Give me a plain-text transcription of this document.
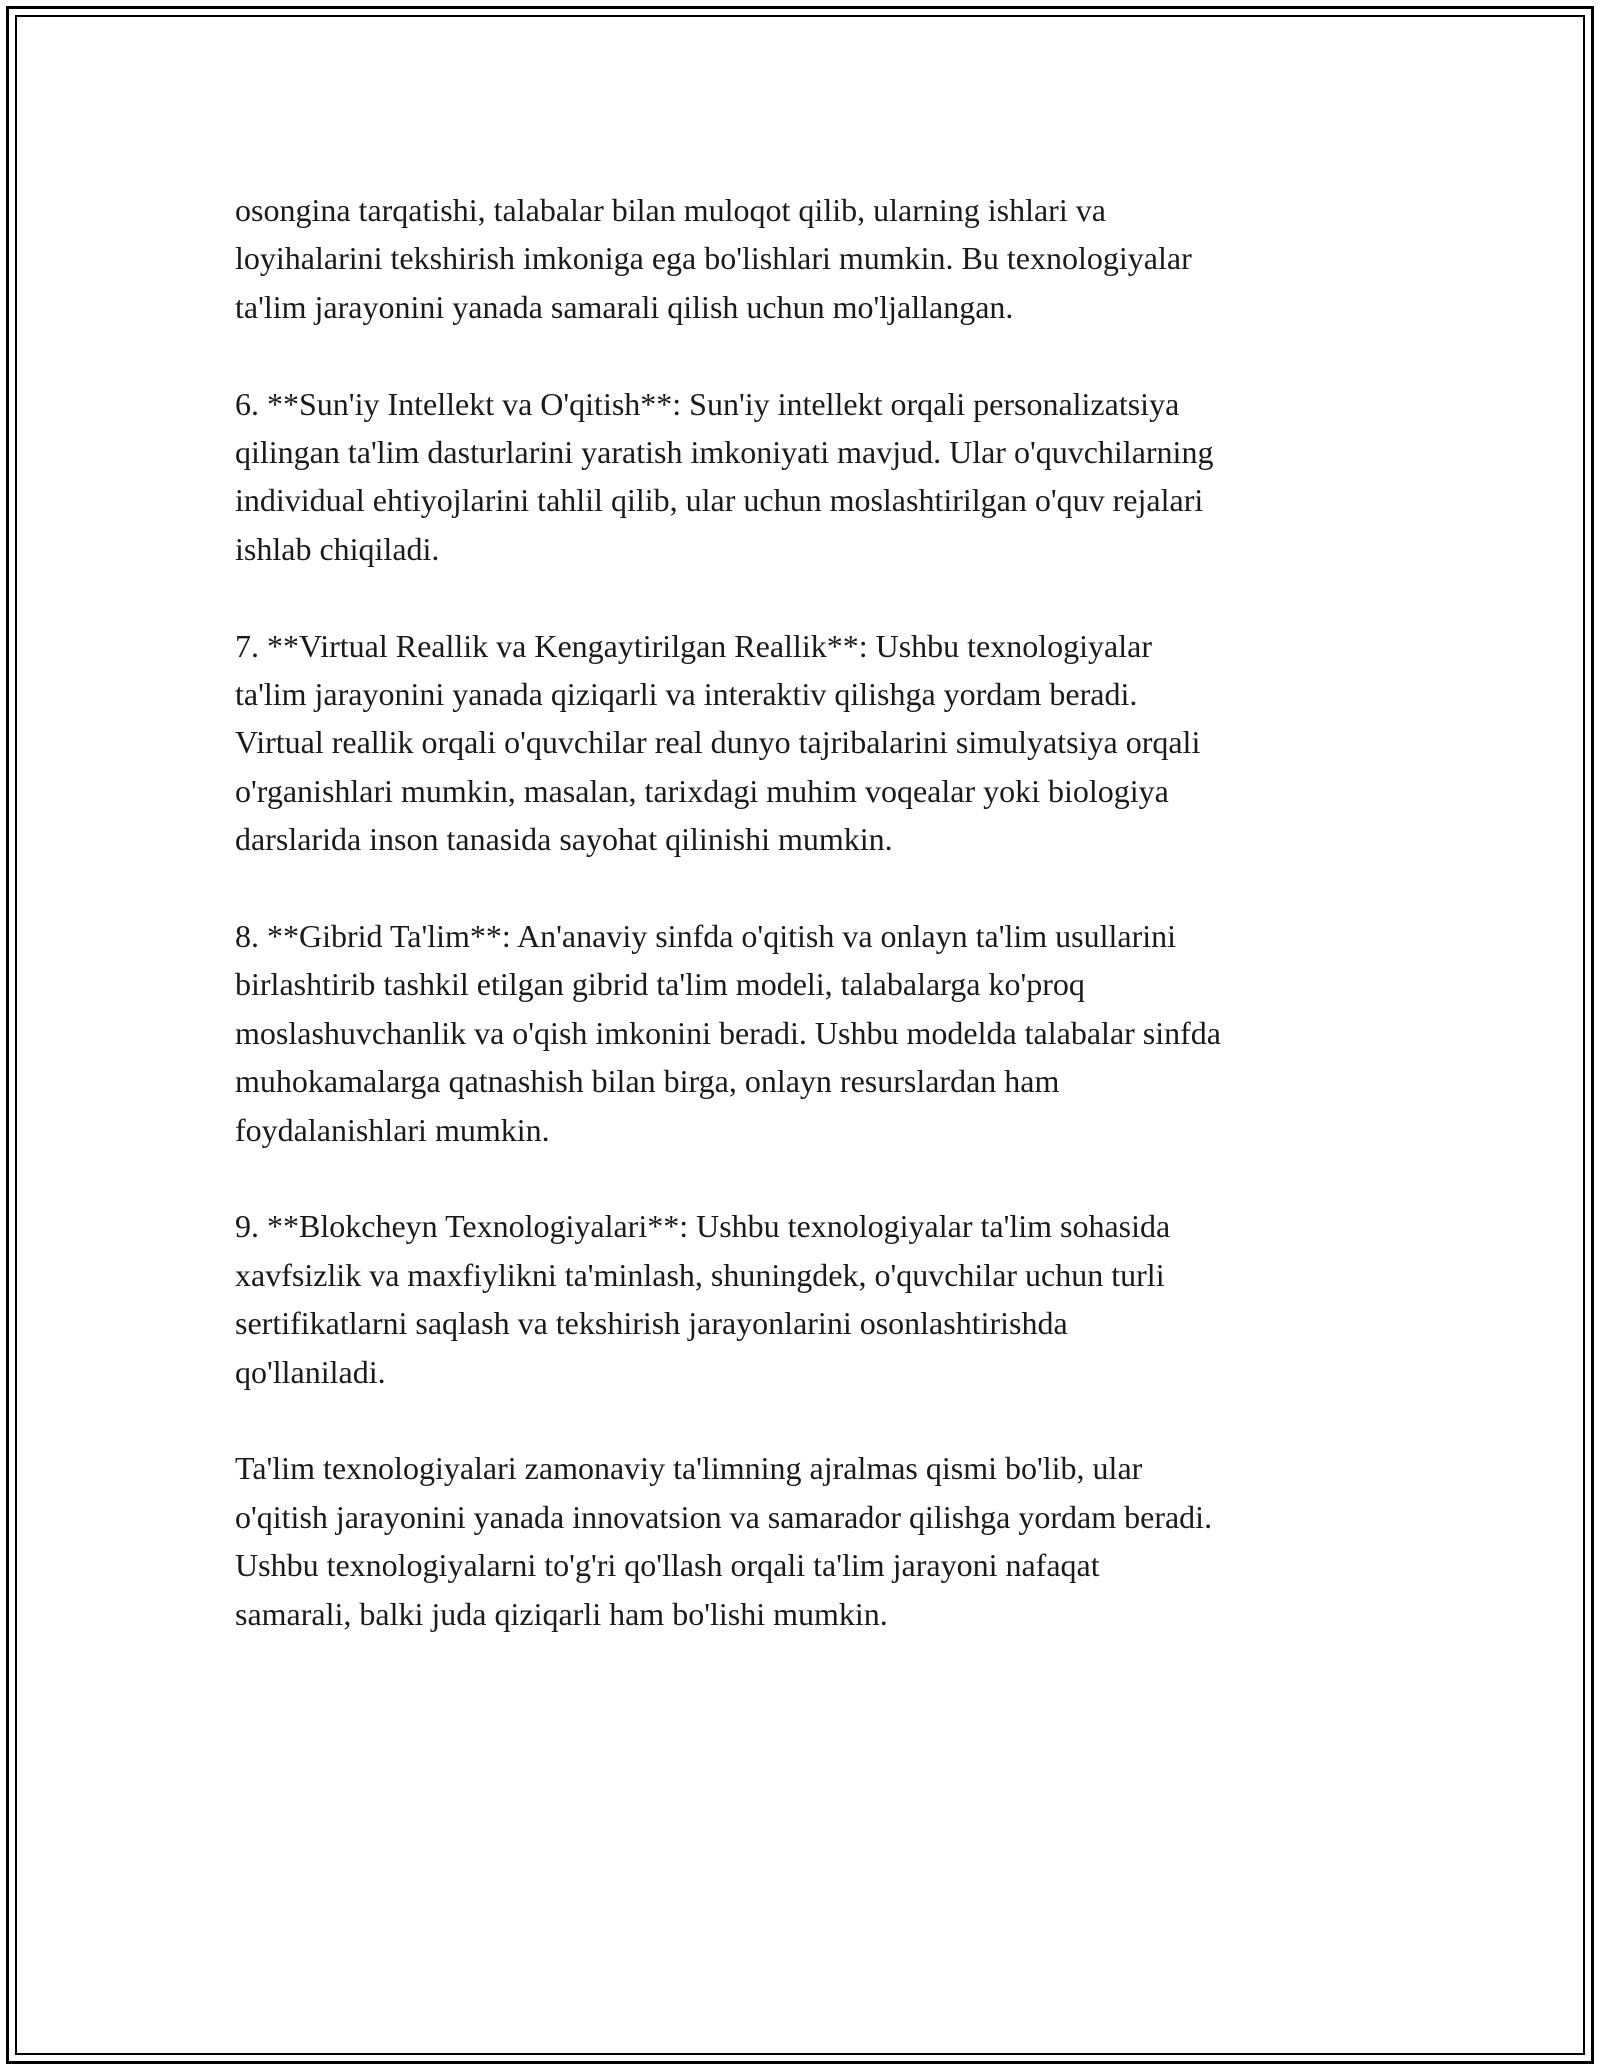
osongina tarqatishi, talabalar bilan muloqot qilib, ularning ishlari va
loyihalarini tekshirish imkoniga ega bo'lishlari mumkin. Bu texnologiyalar
ta'lim jarayonini yanada samarali qilish uchun mo'ljallangan.

6. **Sun'iy Intellekt va O'qitish**: Sun'iy intellekt orqali personalizatsiya
qilingan ta'lim dasturlarini yaratish imkoniyati mavjud. Ular o'quvchilarning
individual ehtiyojlarini tahlil qilib, ular uchun moslashtirilgan o'quv rejalari
ishlab chiqiladi.

7. **Virtual Reallik va Kengaytirilgan Reallik**: Ushbu texnologiyalar
ta'lim jarayonini yanada qiziqarli va interaktiv qilishga yordam beradi.
Virtual reallik orqali o'quvchilar real dunyo tajribalarini simulyatsiya orqali
o'rganishlari mumkin, masalan, tarixdagi muhim voqealar yoki biologiya
darslarida inson tanasida sayohat qilinishi mumkin.

8. **Gibrid Ta'lim**: An'anaviy sinfda o'qitish va onlayn ta'lim usullarini
birlashtirib tashkil etilgan gibrid ta'lim modeli, talabalarga ko'proq
moslashuvchanlik va o'qish imkonini beradi. Ushbu modelda talabalar sinfda
muhokamalarga qatnashish bilan birga, onlayn resurslardan ham
foydalanishlari mumkin.

9. **Blokcheyn Texnologiyalari**: Ushbu texnologiyalar ta'lim sohasida
xavfsizlik va maxfiylikni ta'minlash, shuningdek, o'quvchilar uchun turli
sertifikatlarni saqlash va tekshirish jarayonlarini osonlashtirishda
qo'llaniladi.

Ta'lim texnologiyalari zamonaviy ta'limning ajralmas qismi bo'lib, ular
o'qitish jarayonini yanada innovatsion va samarador qilishga yordam beradi.
Ushbu texnologiyalarni to'g'ri qo'llash orqali ta'lim jarayoni nafaqat
samarali, balki juda qiziqarli ham bo'lishi mumkin.
